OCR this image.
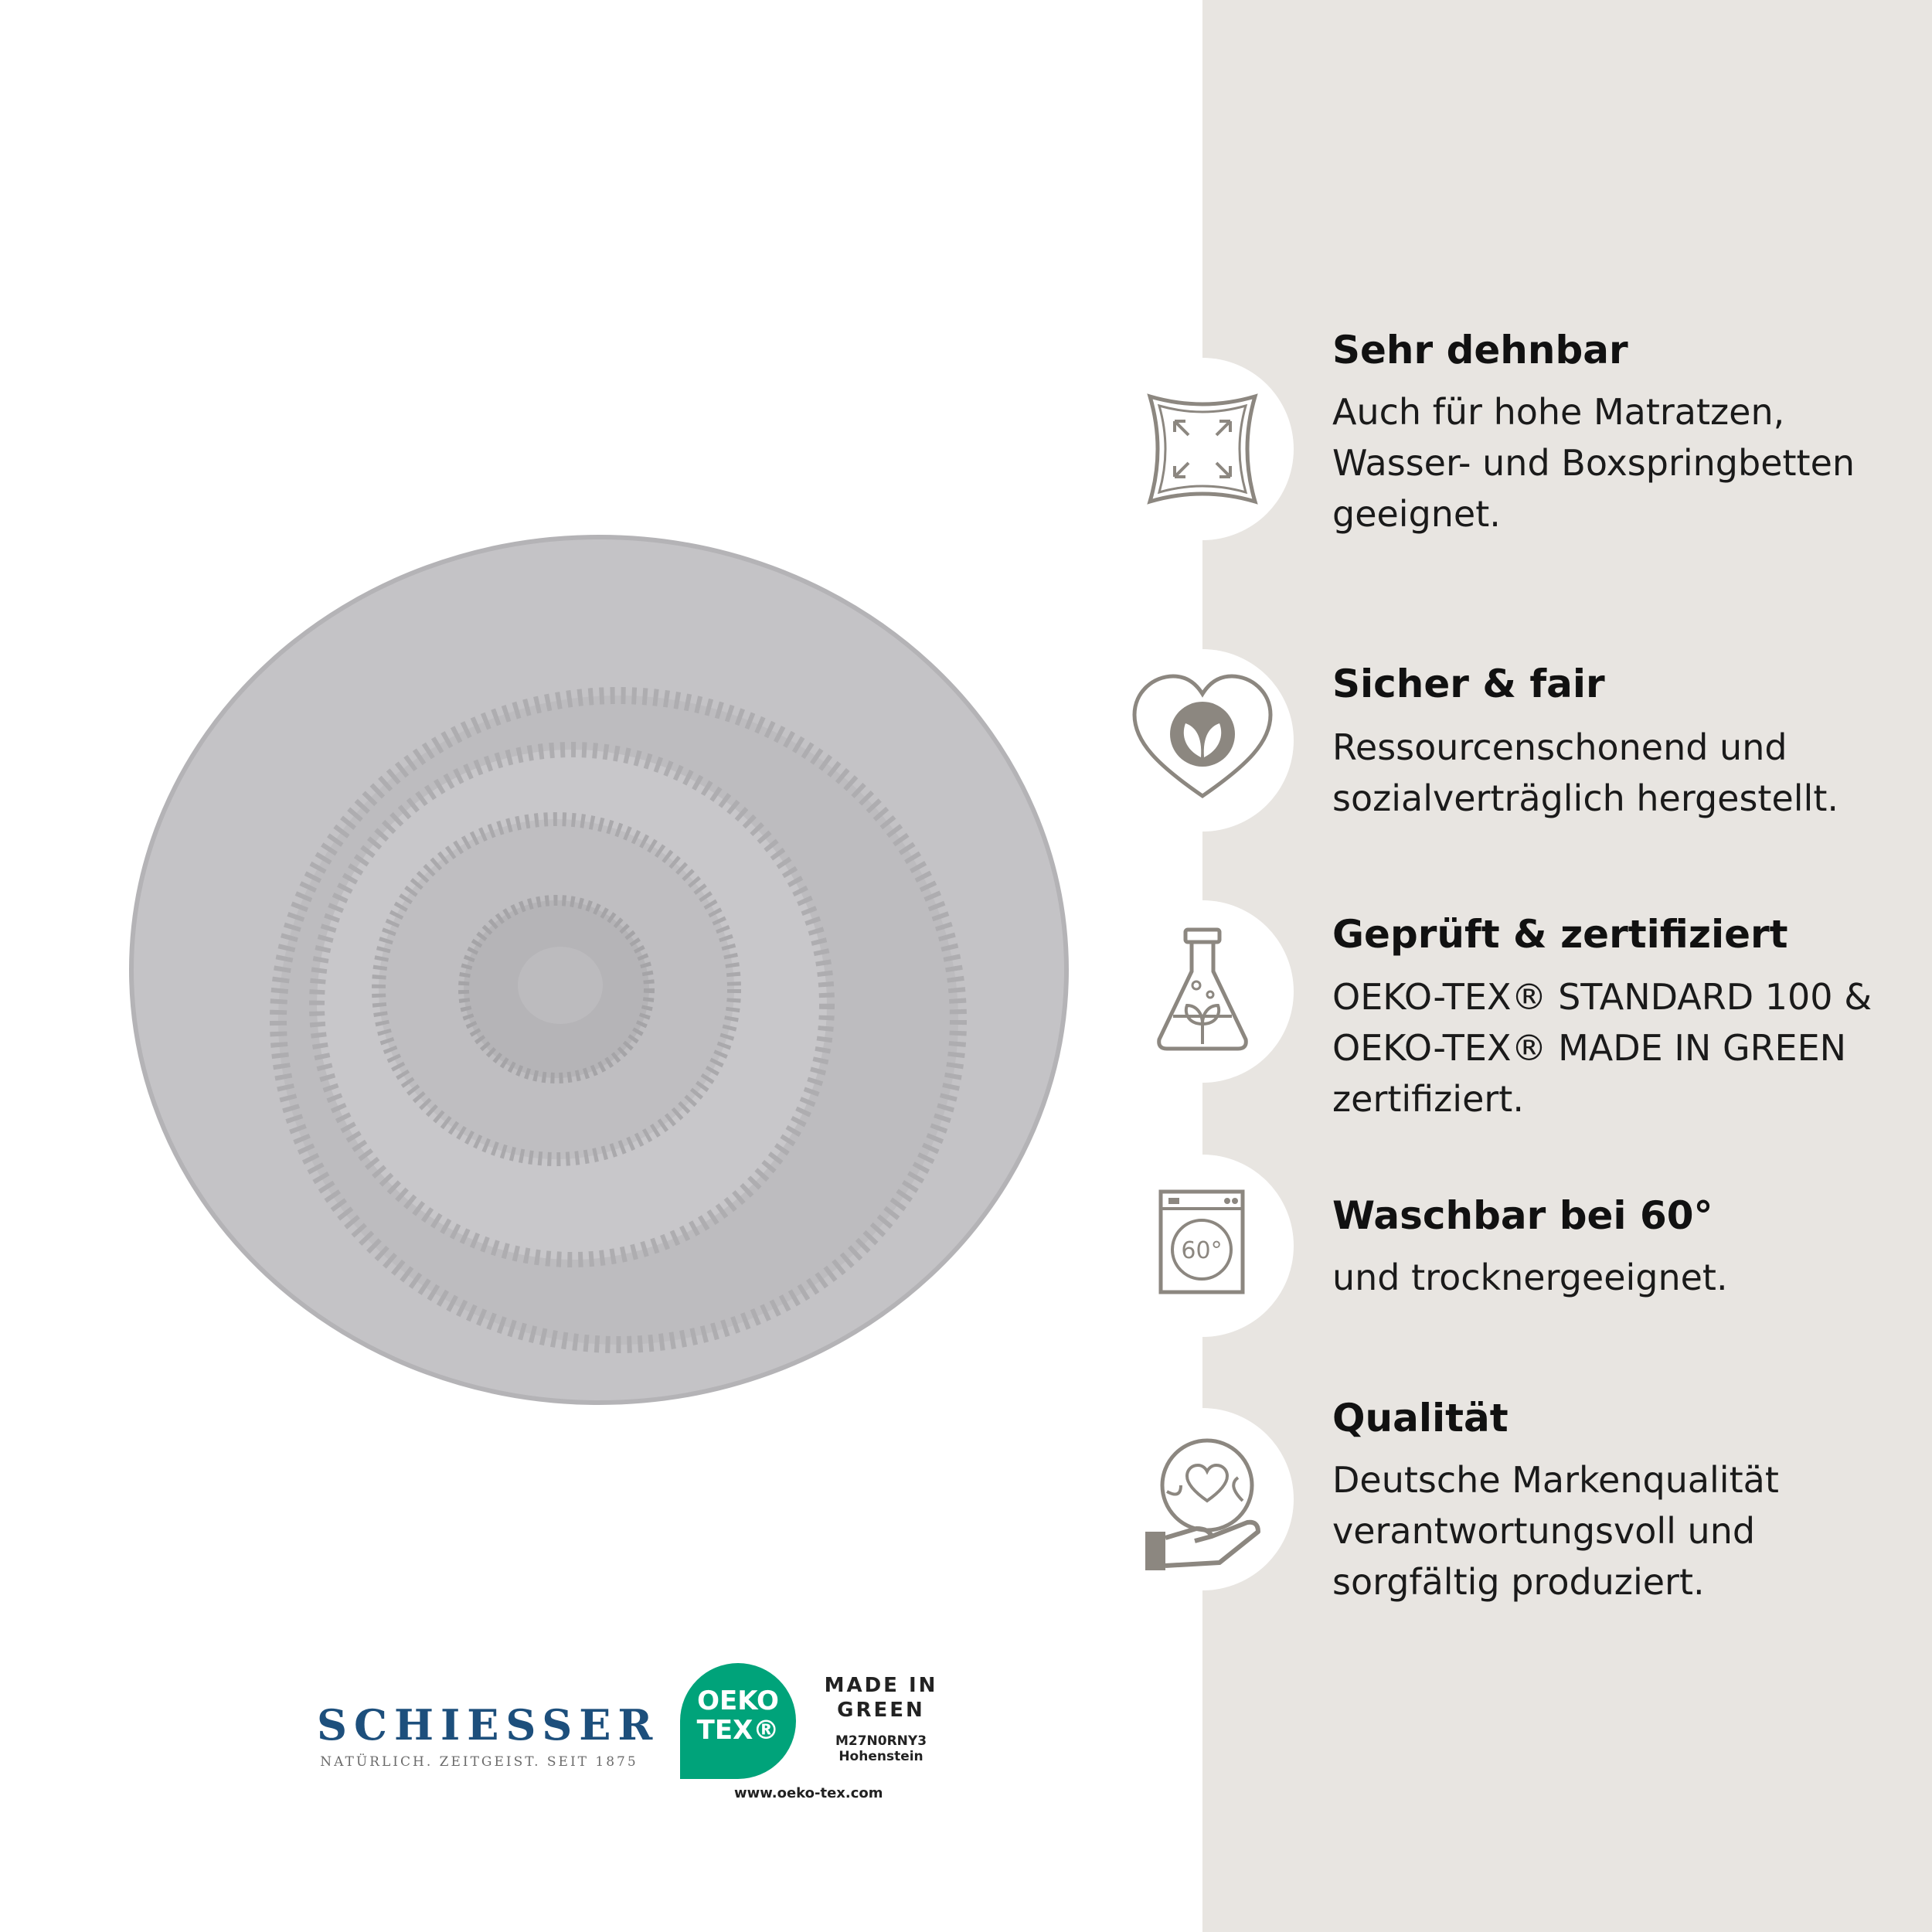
Sehr dehnbar
Auch für hohe Matratzen,
Wasser- und Boxspringbetten
geeignet.
Sicher & fair
Ressourcenschonend und
sozialverträglich hergestellt.
Geprüft & zertifiziert
OEKO-TEX® STANDARD 100 &
OEKO-TEX® MADE IN GREEN
zertifiziert.
60°
Waschbar bei 60°
und trocknergeeignet.
Qualität
Deutsche Markenqualität
verantwortungsvoll und
sorgfältig produziert.
SCHIESSER
NATÜRLICH. ZEITGEIST. SEIT 1875
OEKO
TEX®
MADE IN
GREEN
M27N0RNY3
Hohenstein
www.oeko-tex.com
